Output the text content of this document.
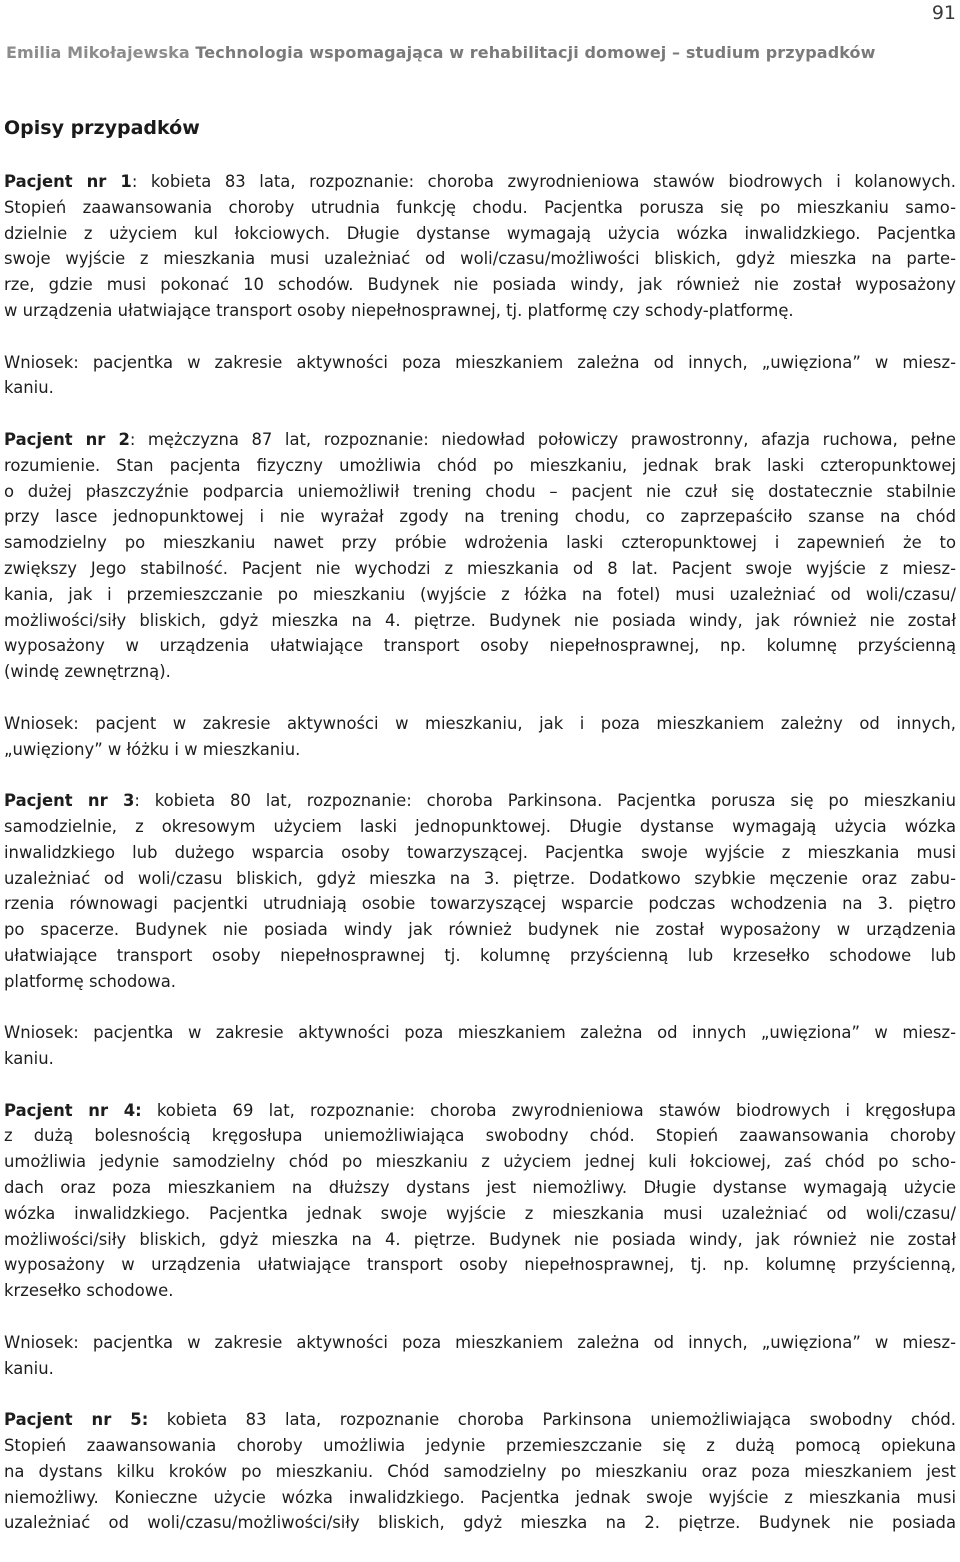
91
Emilia Mikołajewska Technologia wspomagająca w rehabilitacji domowej – studium przypadków
Opisy przypadków
Pacjent nr 1: kobieta 83 lata, rozpoznanie: choroba zwyrodnieniowa stawów biodrowych i kolanowych.
Stopień zaawansowania choroby utrudnia funkcję chodu. Pacjentka porusza się po mieszkaniu samo-
dzielnie z użyciem kul łokciowych. Długie dystanse wymagają użycia wózka inwalidzkiego. Pacjentka
swoje wyjście z mieszkania musi uzależniać od woli/czasu/możliwości bliskich, gdyż mieszka na parte-
rze, gdzie musi pokonać 10 schodów. Budynek nie posiada windy, jak również nie został wyposażony
w urządzenia ułatwiające transport osoby niepełnosprawnej, tj. platformę czy schody-platformę.
Wniosek: pacjentka w zakresie aktywności poza mieszkaniem zależna od innych, „uwięziona” w miesz-
kaniu.
Pacjent nr 2: mężczyzna 87 lat, rozpoznanie: niedowład połowiczy prawostronny, afazja ruchowa, pełne
rozumienie. Stan pacjenta fizyczny umożliwia chód po mieszkaniu, jednak brak laski czteropunktowej
o dużej płaszczyźnie podparcia uniemożliwił trening chodu – pacjent nie czuł się dostatecznie stabilnie
przy lasce jednopunktowej i nie wyrażał zgody na trening chodu, co zaprzepaściło szanse na chód
samodzielny po mieszkaniu nawet przy próbie wdrożenia laski czteropunktowej i zapewnień że to
zwiększy Jego stabilność. Pacjent nie wychodzi z mieszkania od 8 lat. Pacjent swoje wyjście z miesz-
kania, jak i przemieszczanie po mieszkaniu (wyjście z łóżka na fotel) musi uzależniać od woli/czasu/
możliwości/siły bliskich, gdyż mieszka na 4. piętrze. Budynek nie posiada windy, jak również nie został
wyposażony w urządzenia ułatwiające transport osoby niepełnosprawnej, np. kolumnę przyścienną
(windę zewnętrzną).
Wniosek: pacjent w zakresie aktywności w mieszkaniu, jak i poza mieszkaniem zależny od innych,
„uwięziony” w łóżku i w mieszkaniu.
Pacjent nr 3: kobieta 80 lat, rozpoznanie: choroba Parkinsona. Pacjentka porusza się po mieszkaniu
samodzielnie, z okresowym użyciem laski jednopunktowej. Długie dystanse wymagają użycia wózka
inwalidzkiego lub dużego wsparcia osoby towarzyszącej. Pacjentka swoje wyjście z mieszkania musi
uzależniać od woli/czasu bliskich, gdyż mieszka na 3. piętrze. Dodatkowo szybkie męczenie oraz zabu-
rzenia równowagi pacjentki utrudniają osobie towarzyszącej wsparcie podczas wchodzenia na 3. piętro
po spacerze. Budynek nie posiada windy jak również budynek nie został wyposażony w urządzenia
ułatwiające transport osoby niepełnosprawnej tj. kolumnę przyścienną lub krzesełko schodowe lub
platformę schodowa.
Wniosek: pacjentka w zakresie aktywności poza mieszkaniem zależna od innych „uwięziona” w miesz-
kaniu.
Pacjent nr 4: kobieta 69 lat, rozpoznanie: choroba zwyrodnieniowa stawów biodrowych i kręgosłupa
z dużą bolesnością kręgosłupa uniemożliwiająca swobodny chód. Stopień zaawansowania choroby
umożliwia jedynie samodzielny chód po mieszkaniu z użyciem jednej kuli łokciowej, zaś chód po scho-
dach oraz poza mieszkaniem na dłuższy dystans jest niemożliwy. Długie dystanse wymagają użycie
wózka inwalidzkiego. Pacjentka jednak swoje wyjście z mieszkania musi uzależniać od woli/czasu/
możliwości/siły bliskich, gdyż mieszka na 4. piętrze. Budynek nie posiada windy, jak również nie został
wyposażony w urządzenia ułatwiające transport osoby niepełnosprawnej, tj. np. kolumnę przyścienną,
krzesełko schodowe.
Wniosek: pacjentka w zakresie aktywności poza mieszkaniem zależna od innych, „uwięziona” w miesz-
kaniu.
Pacjent nr 5: kobieta 83 lata, rozpoznanie choroba Parkinsona uniemożliwiająca swobodny chód.
Stopień zaawansowania choroby umożliwia jedynie przemieszczanie się z dużą pomocą opiekuna
na dystans kilku kroków po mieszkaniu. Chód samodzielny po mieszkaniu oraz poza mieszkaniem jest
niemożliwy. Konieczne użycie wózka inwalidzkiego. Pacjentka jednak swoje wyjście z mieszkania musi
uzależniać od woli/czasu/możliwości/siły bliskich, gdyż mieszka na 2. piętrze. Budynek nie posiada
